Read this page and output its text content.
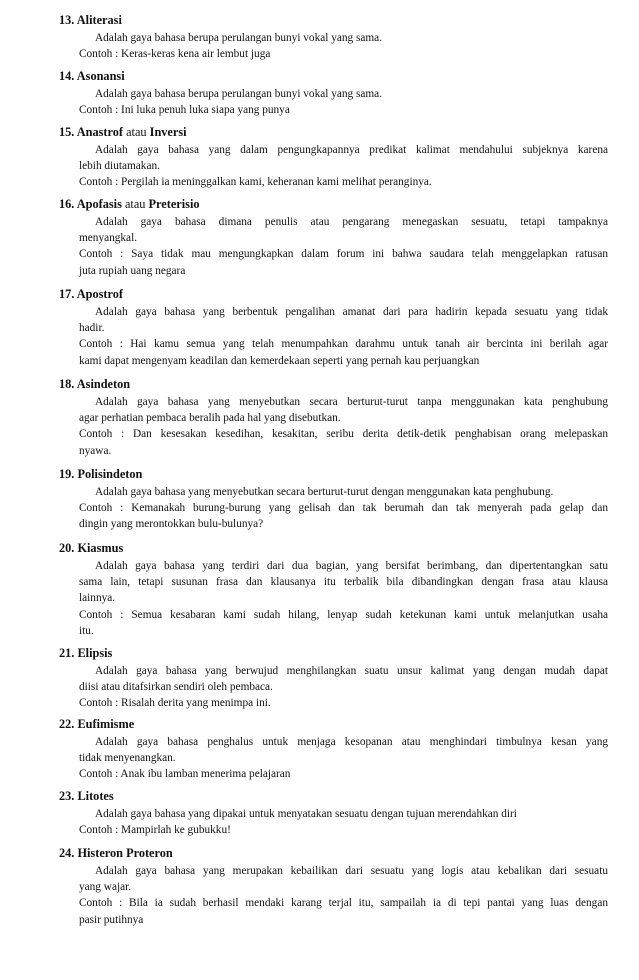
13. Aliterasi
Adalah gaya bahasa berupa perulangan bunyi vokal yang sama.
Contoh : Keras-keras kena air lembut juga
14. Asonansi
Adalah gaya bahasa berupa perulangan bunyi vokal yang sama.
Contoh : Ini luka penuh luka siapa yang punya
15. Anastrof atau Inversi
Adalah gaya bahasa yang dalam pengungkapannya predikat kalimat mendahului subjeknya karena
lebih diutamakan.
Contoh : Pergilah ia meninggalkan kami, keheranan kami melihat peranginya.
16. Apofasis atau Preterisio
Adalah gaya bahasa dimana penulis atau pengarang menegaskan sesuatu, tetapi tampaknya
menyangkal.
Contoh : Saya tidak mau mengungkapkan dalam forum ini bahwa saudara telah menggelapkan ratusan
juta rupiah uang negara
17. Apostrof
Adalah gaya bahasa yang berbentuk pengalihan amanat dari para hadirin kepada sesuatu yang tidak
hadir.
Contoh : Hai kamu semua yang telah menumpahkan darahmu untuk tanah air bercinta ini berilah agar
kami dapat mengenyam keadilan dan kemerdekaan seperti yang pernah kau perjuangkan
18. Asindeton
Adalah gaya bahasa yang menyebutkan secara berturut-turut tanpa menggunakan kata penghubung
agar perhatian pembaca beralih pada hal yang disebutkan.
Contoh : Dan kesesakan kesedihan, kesakitan, seribu derita detik-detik penghabisan orang melepaskan
nyawa.
19. Polisindeton
Adalah gaya bahasa yang menyebutkan secara berturut-turut dengan menggunakan kata penghubung.
Contoh : Kemanakah burung-burung yang gelisah dan tak berumah dan tak menyerah pada gelap dan
dingin yang merontokkan bulu-bulunya?
20. Kiasmus
Adalah gaya bahasa yang terdiri dari dua bagian, yang bersifat berimbang, dan dipertentangkan satu
sama lain, tetapi susunan frasa dan klausanya itu terbalik bila dibandingkan dengan frasa atau klausa
lainnya.
Contoh : Semua kesabaran kami sudah hilang, lenyap sudah ketekunan kami untuk melanjutkan usaha
itu.
21. Elipsis
Adalah gaya bahasa yang berwujud menghilangkan suatu unsur kalimat yang dengan mudah dapat
diisi atau ditafsirkan sendiri oleh pembaca.
Contoh : Risalah derita yang menimpa ini.
22. Eufimisme
Adalah gaya bahasa penghalus untuk menjaga kesopanan atau menghindari timbulnya kesan yang
tidak menyenangkan.
Contoh : Anak ibu lamban menerima pelajaran
23. Litotes
Adalah gaya bahasa yang dipakai untuk menyatakan sesuatu dengan tujuan merendahkan diri
Contoh : Mampirlah ke gubukku!
24. Histeron Proteron
Adalah gaya bahasa yang merupakan kebailikan dari sesuatu yang logis atau kebalikan dari sesuatu
yang wajar.
Contoh : Bila ia sudah berhasil mendaki karang terjal itu, sampailah ia di tepi pantai yang luas dengan
pasir putihnya
